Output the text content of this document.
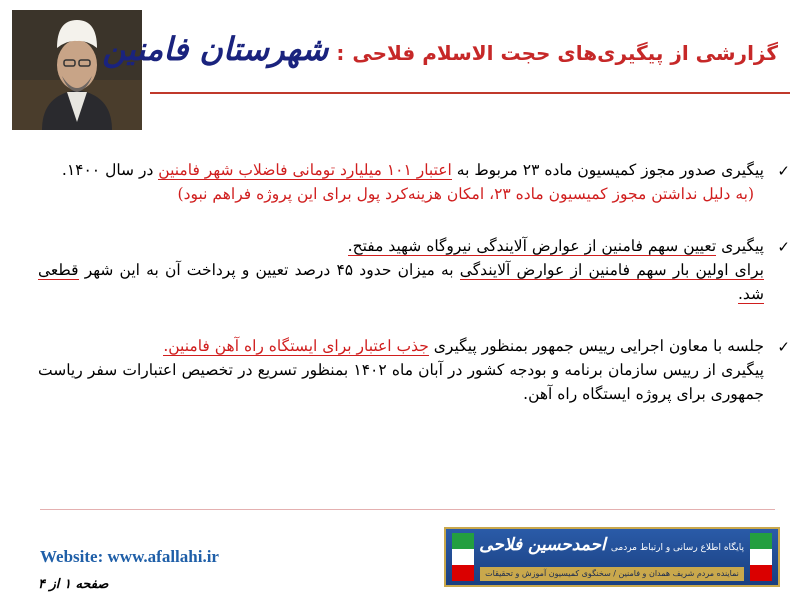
گزارشی از پیگیری‌های حجت الاسلام فلاحی:شهرستان فامنین
✓
پیگیری صدور مجوز کمیسیون ماده ۲۳ مربوط به اعتبار ۱۰۱ میلیارد تومانی فاضلاب شهر فامنین در سال ۱۴۰۰.
(به دلیل نداشتن مجوز کمیسیون ماده ۲۳، امکان هزینه‌کرد پول برای این پروژه فراهم نبود)
✓
پیگیری تعیین سهم فامنین از عوارض آلایندگی نیروگاه شهید مفتح.
برای اولین بار سهم فامنین از عوارض آلایندگی به میزان حدود ۴۵ درصد تعیین و پرداخت آن به این شهر قطعی شد.
✓
جلسه با معاون اجرایی رییس جمهور بمنظور پیگیری جذب اعتبار برای ایستگاه راه آهن فامنین.
پیگیری از رییس سازمان برنامه و بودجه کشور در آبان ماه ۱۴۰۲ بمنظور تسریع در تخصیص اعتبارات سفر ریاست جمهوری برای پروژه ایستگاه راه آهن.
Website: www.afallahi.ir
صفحه ۱ از ۴
پایگاه اطلاع رسانی و ارتباط مردمی احمدحسین فلاحی
نماینده مردم شریف همدان و فامنین / سخنگوی کمیسیون آموزش و تحقیقات
